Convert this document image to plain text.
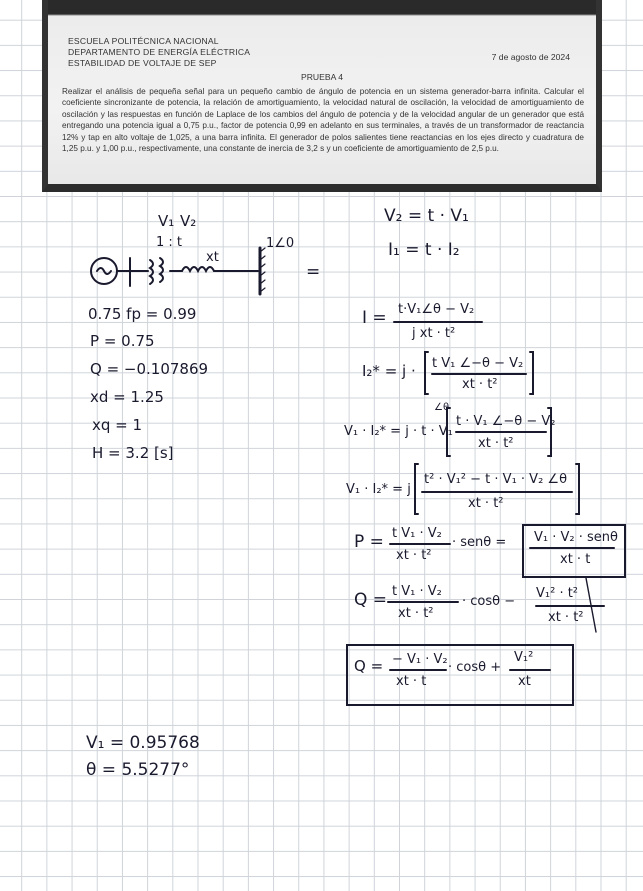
ESCUELA POLITÉCNICA NACIONAL
DEPARTAMENTO DE ENERGÍA ELÉCTRICA
ESTABILIDAD DE VOLTAJE DE SEP
7 de agosto de 2024
PRUEBA 4
Realizar el análisis de pequeña señal para un pequeño cambio de ángulo de potencia en un sistema generador-barra infinita. Calcular el coeficiente sincronizante de potencia, la relación de amortiguamiento, la velocidad natural de oscilación, la velocidad de amortiguamiento de oscilación y las respuestas en función de Laplace de los cambios del ángulo de potencia y de la velocidad angular de un generador que está entregando una potencia igual a 0,75 p.u., factor de potencia 0,99 en adelanto en sus terminales, a través de un transformador de reactancia 12% y tap en alto voltaje de 1,025, a una barra infinita. El generador de polos salientes tiene reactancias en los ejes directo y cuadratura de 1,25 p.u. y 1,00 p.u., respectivamente, una constante de inercia de 3,2 s y un coeficiente de amortiguamiento de 2,5 p.u.
V₁ V₂
1 : t
xt
1∠0
=
0.75 fp = 0.99
P = 0.75
Q = −0.107869
xd = 1.25
xq = 1
H = 3.2 [s]
V₁ = 0.95768
θ = 5.5277°
V₂ = t · V₁
I₁ = t · I₂
I = t·V₁∠θ − V₂
j xt · t²
I₂* = j · t V₁ ∠−θ − V₂
xt · t²
V₁ · I₂* = j · t · V₁
∠θ
t · V₁ ∠−θ − V₂
xt · t²
V₁ · I₂* = j
t² · V₁² − t · V₁ · V₂ ∠θ
xt · t²
P = t V₁ · V₂
xt · t²
· senθ = V₁ · V₂ · senθ
xt · t
Q = t V₁ · V₂
xt · t²
· cosθ −
V₁² · t²
xt · t²
Q = − V₁ · V₂
xt · t
· cosθ +
V₁²
xt
